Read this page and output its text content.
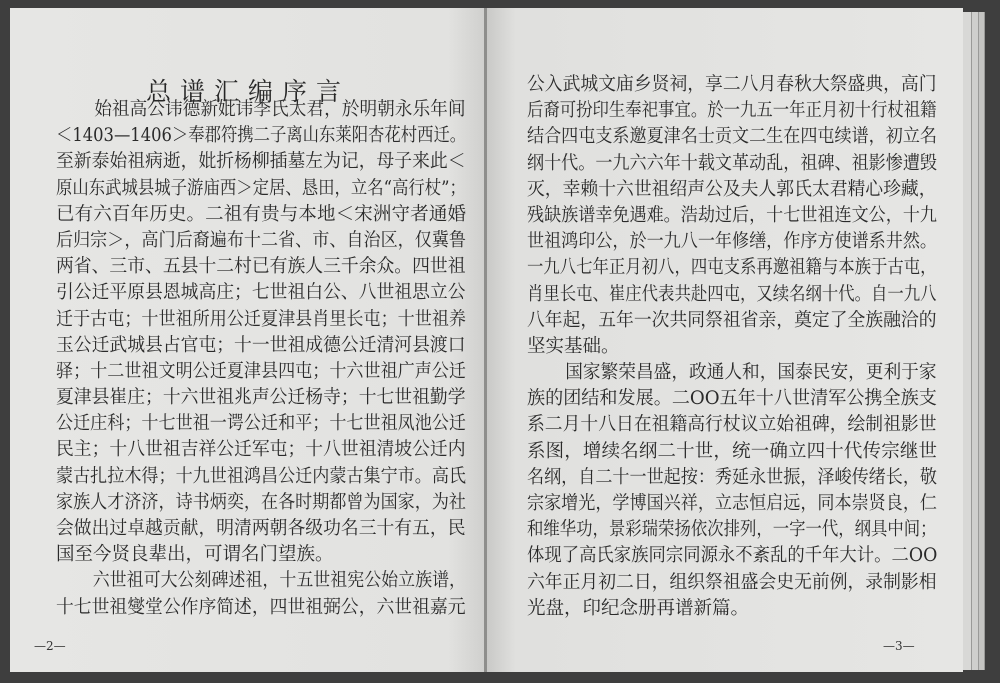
总谱汇编序言
始祖高公讳德新妣讳李氏太君，於明朝永乐年间
＜1403—1406＞奉郡符携二子离山东莱阳杏花村西迁。
至新泰始祖病逝，妣折杨柳插墓左为记，母子来此＜
原山东武城县城子游庙西＞定居、恳田，立名“高行杖”；
已有六百年历史。二祖有贵与本地＜宋洲守者通婚
后归宗＞，高门后裔遍布十二省、市、自治区，仅冀鲁
两省、三市、五县十二村已有族人三千余众。四世祖
引公迁平原县恩城高庄；七世祖白公、八世祖思立公
迁于古屯；十世祖所用公迁夏津县肖里长屯；十世祖养
玉公迁武城县占官屯；十一世祖成德公迁清河县渡口
驿；十二世祖文明公迁夏津县四屯；十六世祖广声公迁
夏津县崔庄；十六世祖兆声公迁杨寺；十七世祖勤学
公迁庄科；十七世祖一谔公迁和平；十七世祖凤池公迁
民主；十八世祖吉祥公迁军屯；十八世祖清坡公迁内
蒙古扎拉木得；十九世祖鸿昌公迁内蒙古集宁市。高氏
家族人才济济，诗书炳奕，在各时期都曾为国家，为社
会做出过卓越贡献，明清两朝各级功名三十有五，民
国至今贤良辈出，可谓名门望族。
六世祖可大公刻碑述祖，十五世祖宪公始立族谱，
十七世祖燮堂公作序简述，四世祖弼公，六世祖嘉元
—2—
公入武城文庙乡贤祠，享二八月春秋大祭盛典，高门
后裔可扮印生奉祀事宜。於一九五一年正月初十行杖祖籍
结合四屯支系邀夏津名士贡文二生在四屯续谱，初立名
纲十代。一九六六年十载文革动乱，祖碑、祖影惨遭毁
灭，幸赖十六世祖绍声公及夫人郭氏太君精心珍藏，
残缺族谱幸免遇难。浩劫过后，十七世祖连文公，十九
世祖鸿印公，於一九八一年修缮，作序方使谱系井然。
一九八七年正月初八，四屯支系再邀祖籍与本族于古屯，
肖里长屯、崔庄代表共赴四屯，又续名纲十代。自一九八
八年起，五年一次共同祭祖省亲，奠定了全族融洽的
坚实基础。
国家繁荣昌盛，政通人和，国泰民安，更利于家
族的团结和发展。二OO五年十八世清军公携全族支
系二月十八日在祖籍高行杖议立始祖碑，绘制祖影世
系图，增续名纲二十世，统一确立四十代传宗继世
名纲，自二十一世起按：秀延永世振，泽峻传绪长，敬
宗家增光，学博国兴祥，立志恒启远，同本崇贤良，仁
和维华功，景彩瑞荣扬依次排列，一字一代，纲具中间；
体现了高氏家族同宗同源永不紊乱的千年大计。二OO
六年正月初二日，组织祭祖盛会史无前例，录制影相
光盘，印纪念册再谱新篇。
—3—
